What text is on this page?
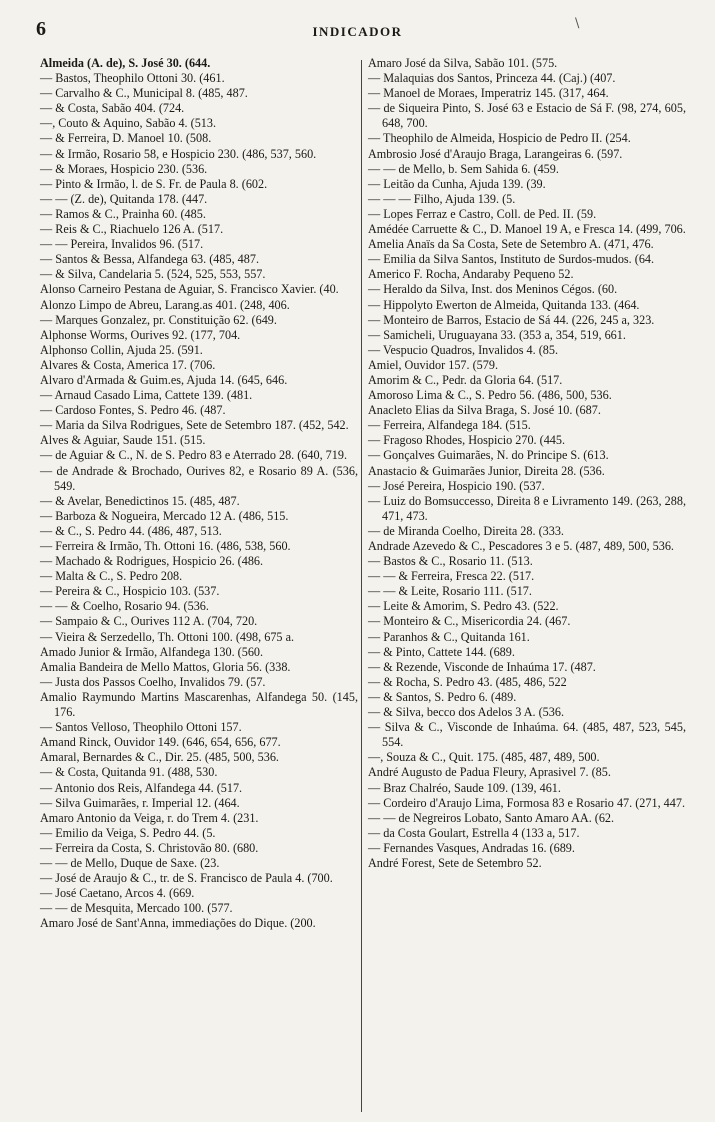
6	INDICADOR
\
Almeida (A. de), S. José 30. (644.
— Bastos, Theophilo Ottoni 30. (461.
— Carvalho & C., Municipal 8. (485, 487.
— & Costa, Sabão 404. (724.
—, Couto & Aquino, Sabão 4. (513.
— & Ferreira, D. Manoel 10. (508.
— & Irmão, Rosario 58, e Hospicio 230. (486, 537, 560.
— & Moraes, Hospicio 230. (536.
— Pinto & Irmão, l. de S. Fr. de Paula 8. (602.
— — (Z. de), Quitanda 178. (447.
— Ramos & C., Prainha 60. (485.
— Reis & C., Riachuelo 126 A. (517.
— — Pereira, Invalidos 96. (517.
— Santos & Bessa, Alfandega 63. (485, 487.
— & Silva, Candelaria 5. (524, 525, 553, 557.
Alonso Carneiro Pestana de Aguiar, S. Francisco Xavier. (40.
Alonzo Limpo de Abreu, Larang.as 401. (248, 406.
— Marques Gonzalez, pr. Constituição 62. (649.
Alphonse Worms, Ourives 92. (177, 704.
Alphonso Collin, Ajuda 25. (591.
Alvares & Costa, America 17. (706.
Alvaro d'Armada & Guim.es, Ajuda 14. (645, 646.
— Arnaud Casado Lima, Cattete 139. (481.
— Cardoso Fontes, S. Pedro 46. (487.
— Maria da Silva Rodrigues, Sete de Setembro 187. (452, 542.
Alves & Aguiar, Saude 151. (515.
— de Aguiar & C., N. de S. Pedro 83 e Aterrado 28. (640, 719.
— de Andrade & Brochado, Ourives 82, e Rosario 89 A. (536, 549.
— & Avelar, Benedictinos 15. (485, 487.
— Barboza & Nogueira, Mercado 12 A. (486, 515.
— & C., S. Pedro 44. (486, 487, 513.
— Ferreira & Irmão, Th. Ottoni 16. (486, 538, 560.
— Machado & Rodrigues, Hospicio 26. (486.
— Malta & C., S. Pedro 208.
— Pereira & C., Hospicio 103. (537.
— — & Coelho, Rosario 94. (536.
— Sampaio & C., Ourives 112 A. (704, 720.
— Vieira & Serzedello, Th. Ottoni 100. (498, 675 a.
Amado Junior & Irmão, Alfandega 130. (560.
Amalia Bandeira de Mello Mattos, Gloria 56. (338.
— Justa dos Passos Coelho, Invalidos 79. (57.
Amalio Raymundo Martins Mascarenhas, Alfandega 50. (145, 176.
— Santos Velloso, Theophilo Ottoni 157.
Amand Rinck, Ouvidor 149. (646, 654, 656, 677.
Amaral, Bernardes & C., Dir. 25. (485, 500, 536.
— & Costa, Quitanda 91. (488, 530.
— Antonio dos Reis, Alfandega 44. (517.
— Silva Guimarães, r. Imperial 12. (464.
Amaro Antonio da Veiga, r. do Trem 4. (231.
— Emilio da Veiga, S. Pedro 44. (5.
— Ferreira da Costa, S. Christovão 80. (680.
— — de Mello, Duque de Saxe. (23.
— José de Araujo & C., tr. de S. Francisco de Paula 4. (700.
— José Caetano, Arcos 4. (669.
— — de Mesquita, Mercado 100. (577.
Amaro José de Sant'Anna, immediações do Dique. (200.
Amaro José da Silva, Sabão 101. (575.
— Malaquias dos Santos, Princeza 44. (Caj.) (407.
— Manoel de Moraes, Imperatriz 145. (317, 464.
— de Siqueira Pinto, S. José 63 e Estacio de Sá F. (98, 274, 605, 648, 700.
— Theophilo de Almeida, Hospicio de Pedro II. (254.
Ambrosio José d'Araujo Braga, Larangeiras 6. (597.
— — de Mello, b. Sem Sahida 6. (459.
— Leitão da Cunha, Ajuda 139. (39.
— — — Filho, Ajuda 139. (5.
— Lopes Ferraz e Castro, Coll. de Ped. II. (59.
Amédée Carruette & C., D. Manoel 19 A, e Fresca 14. (499, 706.
Amelia Anaïs da Sa Costa, Sete de Setembro A. (471, 476.
— Emilia da Silva Santos, Instituto de Surdos-mudos. (64.
Americo F. Rocha, Andaraby Pequeno 52.
— Heraldo da Silva, Inst. dos Meninos Cégos. (60.
— Hippolyto Ewerton de Almeida, Quitanda 133. (464.
— Monteiro de Barros, Estacio de Sá 44. (226, 245 a, 323.
— Samicheli, Uruguayana 33. (353 a, 354, 519, 661.
— Vespucio Quadros, Invalidos 4. (85.
Amiel, Ouvidor 157. (579.
Amorim & C., Pedr. da Gloria 64. (517.
Amoroso Lima & C., S. Pedro 56. (486, 500, 536.
Anacleto Elias da Silva Braga, S. José 10. (687.
— Ferreira, Alfandega 184. (515.
— Fragoso Rhodes, Hospicio 270. (445.
— Gonçalves Guimarães, N. do Principe S. (613.
Anastacio & Guimarães Junior, Direita 28. (536.
— José Pereira, Hospicio 190. (537.
— Luiz do Bomsuccesso, Direita 8 e Livramento 149. (263, 288, 471, 473.
— de Miranda Coelho, Direita 28. (333.
Andrade Azevedo & C., Pescadores 3 e 5. (487, 489, 500, 536.
— Bastos & C., Rosario 11. (513.
— — & Ferreira, Fresca 22. (517.
— — & Leite, Rosario 111. (517.
— Leite & Amorim, S. Pedro 43. (522.
— Monteiro & C., Misericordia 24. (467.
— Paranhos & C., Quitanda 161.
— & Pinto, Cattete 144. (689.
— & Rezende, Visconde de Inhaúma 17. (487.
— & Rocha, S. Pedro 43. (485, 486, 522
— & Santos, S. Pedro 6. (489.
— & Silva, becco dos Adelos 3 A. (536.
— Silva & C., Visconde de Inhaúma. 64. (485, 487, 523, 545, 554.
—, Souza & C., Quit. 175. (485, 487, 489, 500.
André Augusto de Padua Fleury, Aprasivel 7. (85.
— Braz Chalréo, Saude 109. (139, 461.
— Cordeiro d'Araujo Lima, Formosa 83 e Rosario 47. (271, 447.
— — de Negreiros Lobato, Santo Amaro AA. (62.
— da Costa Goulart, Estrella 4 (133 a, 517.
— Fernandes Vasques, Andradas 16. (689.
André Forest, Sete de Setembro 52.
